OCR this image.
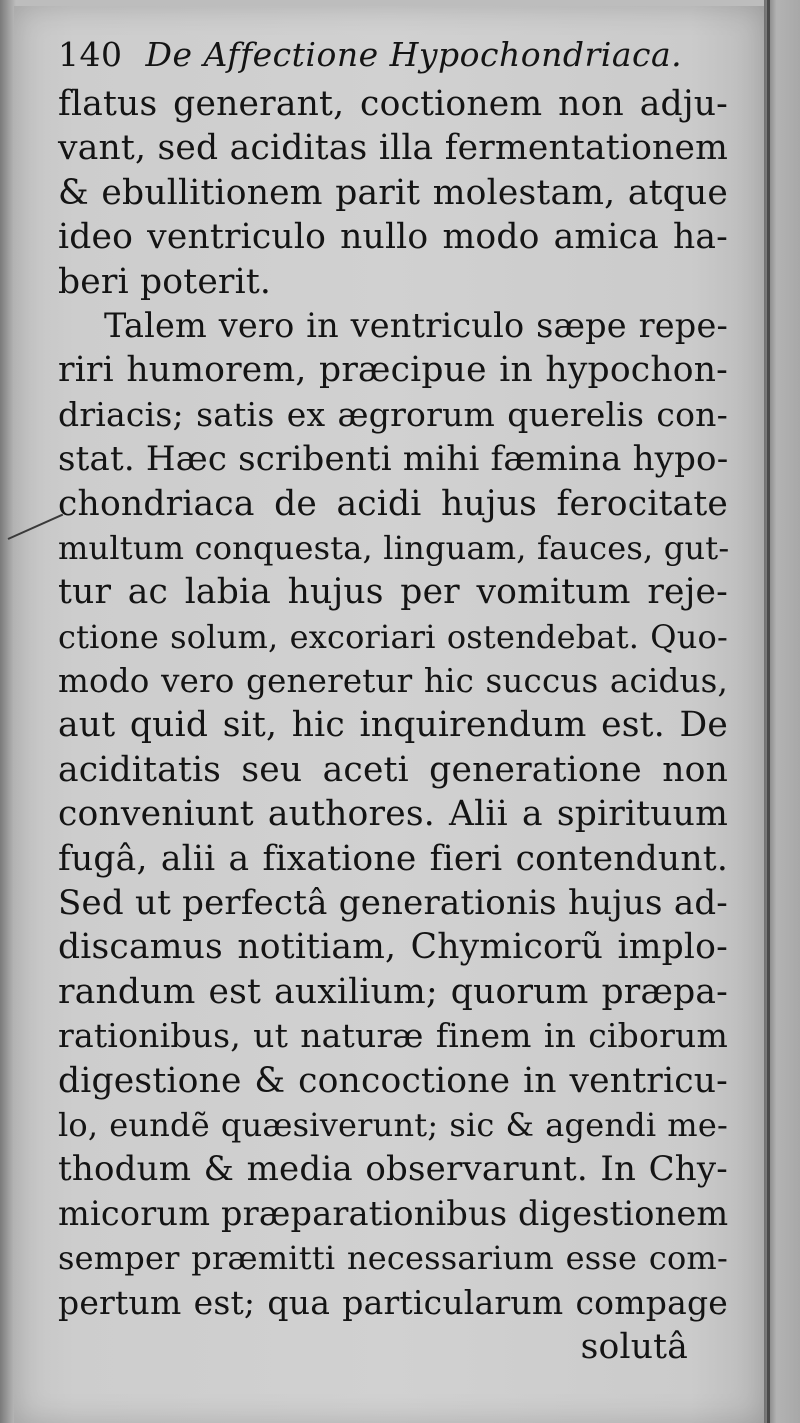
140 De Affectione Hypochondriaca.
flatus generant, coctionem non adju-
vant, sed aciditas illa fermentationem
& ebullitionem parit molestam, atque
ideo ventriculo nullo modo amica ha-
beri poterit.
Talem vero in ventriculo sæpe repe-
riri humorem, præcipue in hypochon-
driacis; satis ex ægrorum querelis con-
stat. Hæc scribenti mihi fæmina hypo-
chondriaca de acidi hujus ferocitate
multum conquesta, linguam, fauces, gut-
tur ac labia hujus per vomitum reje-
ctione solum, excoriari ostendebat. Quo-
modo vero generetur hic succus acidus,
aut quid sit, hic inquirendum est. De
aciditatis seu aceti generatione non
conveniunt authores. Alii a spirituum
fugâ, alii a fixatione fieri contendunt.
Sed ut perfectâ generationis hujus ad-
discamus notitiam, Chymicorũ implo-
randum est auxilium; quorum præpa-
rationibus, ut naturæ finem in ciborum
digestione & concoctione in ventricu-
lo, eundẽ quæsiverunt; sic & agendi me-
thodum & media observarunt. In Chy-
micorum præparationibus digestionem
semper præmitti necessarium esse com-
pertum est; qua particularum compage
solutâ
